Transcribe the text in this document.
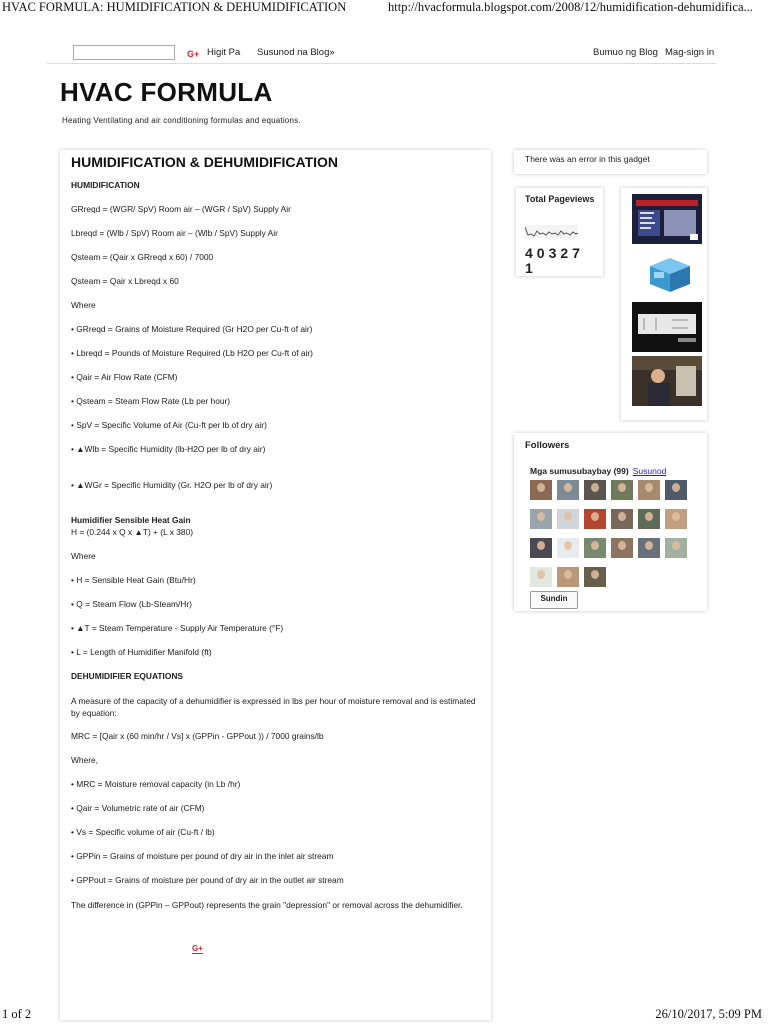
HVAC FORMULA: HUMIDIFICATION & DEHUMIDIFICATION	http://hvacformula.blogspot.com/2008/12/humidification-dehumidifica...
G+ Higit Pa Susunod na Blog»	Bumuo ng Blog Mag-sign in
HVAC FORMULA
Heating Ventilating and air conditioning formulas and equations.
HUMIDIFICATION & DEHUMIDIFICATION
HUMIDIFICATION
GRreqd = (WGR/ SpV) Room air – (WGR / SpV) Supply Air
Lbreqd = (Wlb / SpV) Room air – (Wlb / SpV) Supply Air
Qsteam = (Qair x GRreqd x 60) / 7000
Qsteam = Qair x Lbreqd x 60
Where
• GRreqd = Grains of Moisture Required (Gr H2O per Cu-ft of air)
• Lbreqd = Pounds of Moisture Required (Lb H2O per Cu-ft of air)
• Qair = Air Flow Rate (CFM)
• Qsteam = Steam Flow Rate (Lb per hour)
• SpV = Specific Volume of Air (Cu-ft per lb of dry air)
• ▲Wlb = Specific Humidity (lb-H2O per lb of dry air)
• ▲WGr = Specific Humidity (Gr. H2O per lb of dry air)
Humidifier Sensible Heat Gain
H = (0.244 x Q x ▲T) + (L x 380)
Where
• H = Sensible Heat Gain (Btu/Hr)
• Q = Steam Flow (Lb-Steam/Hr)
• ▲T = Steam Temperature - Supply Air Temperature (°F)
• L = Length of Humidifier Manifold (ft)
DEHUMIDIFIER EQUATIONS
A measure of the capacity of a dehumidifier is expressed in lbs per hour of moisture removal and is estimated by equation:
MRC = [Qair x (60 min/hr / Vs] x (GPPin - GPPout )) / 7000 grains/lb
Where,
• MRC = Moisture removal capacity (in Lb /hr)
• Qair = Volumetric rate of air (CFM)
• Vs = Specific volume of air (Cu-ft / lb)
• GPPin = Grains of moisture per pound of dry air in the inlet air stream
• GPPout = Grains of moisture per pound of dry air in the outlet air stream
The difference in (GPPin – GPPout) represents the grain "depression" or removal across the dehumidifier.
G+
There was an error in this gadget
Total Pageviews
403271
Followers
Mga sumusubaybay (99) Susunod
Sundin
1 of 2	26/10/2017, 5:09 PM
